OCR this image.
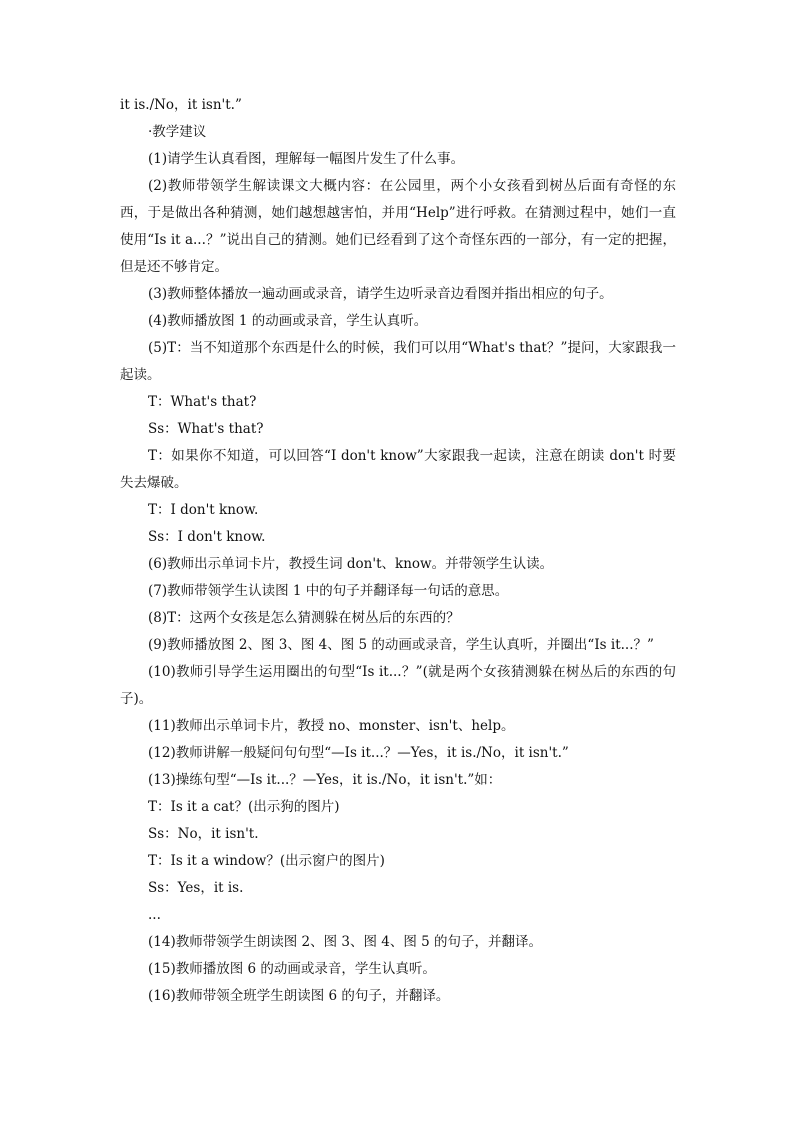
it is./No，it isn't.”
·教学建议
(1)请学生认真看图，理解每一幅图片发生了什么事。
(2)教师带领学生解读课文大概内容：在公园里，两个小女孩看到树丛后面有奇怪的东西，于是做出各种猜测，她们越想越害怕，并用“Help”进行呼救。在猜测过程中，她们一直使用“Is it a...？”说出自己的猜测。她们已经看到了这个奇怪东西的一部分，有一定的把握，但是还不够肯定。
(3)教师整体播放一遍动画或录音，请学生边听录音边看图并指出相应的句子。
(4)教师播放图 1 的动画或录音，学生认真听。
(5)T：当不知道那个东西是什么的时候，我们可以用“What's that？”提问，大家跟我一起读。
T：What's that?
Ss：What's that?
T：如果你不知道，可以回答“I don't know”大家跟我一起读，注意在朗读 don't 时要失去爆破。
T：I don't know.
Ss：I don't know.
(6)教师出示单词卡片，教授生词 don't、know。并带领学生认读。
(7)教师带领学生认读图 1 中的句子并翻译每一句话的意思。
(8)T：这两个女孩是怎么猜测躲在树丛后的东西的？
(9)教师播放图 2、图 3、图 4、图 5 的动画或录音，学生认真听，并圈出“Is it...？”
(10)教师引导学生运用圈出的句型“Is it...？”(就是两个女孩猜测躲在树丛后的东西的句子)。
(11)教师出示单词卡片，教授 no、monster、isn't、help。
(12)教师讲解一般疑问句句型“—Is it...？—Yes，it is./No，it isn't.”
(13)操练句型“—Is it...？—Yes，it is./No，it isn't.”如：
T：Is it a cat？(出示狗的图片)
Ss：No，it isn't.
T：Is it a window？(出示窗户的图片)
Ss：Yes，it is.
...
(14)教师带领学生朗读图 2、图 3、图 4、图 5 的句子，并翻译。
(15)教师播放图 6 的动画或录音，学生认真听。
(16)教师带领全班学生朗读图 6 的句子，并翻译。
